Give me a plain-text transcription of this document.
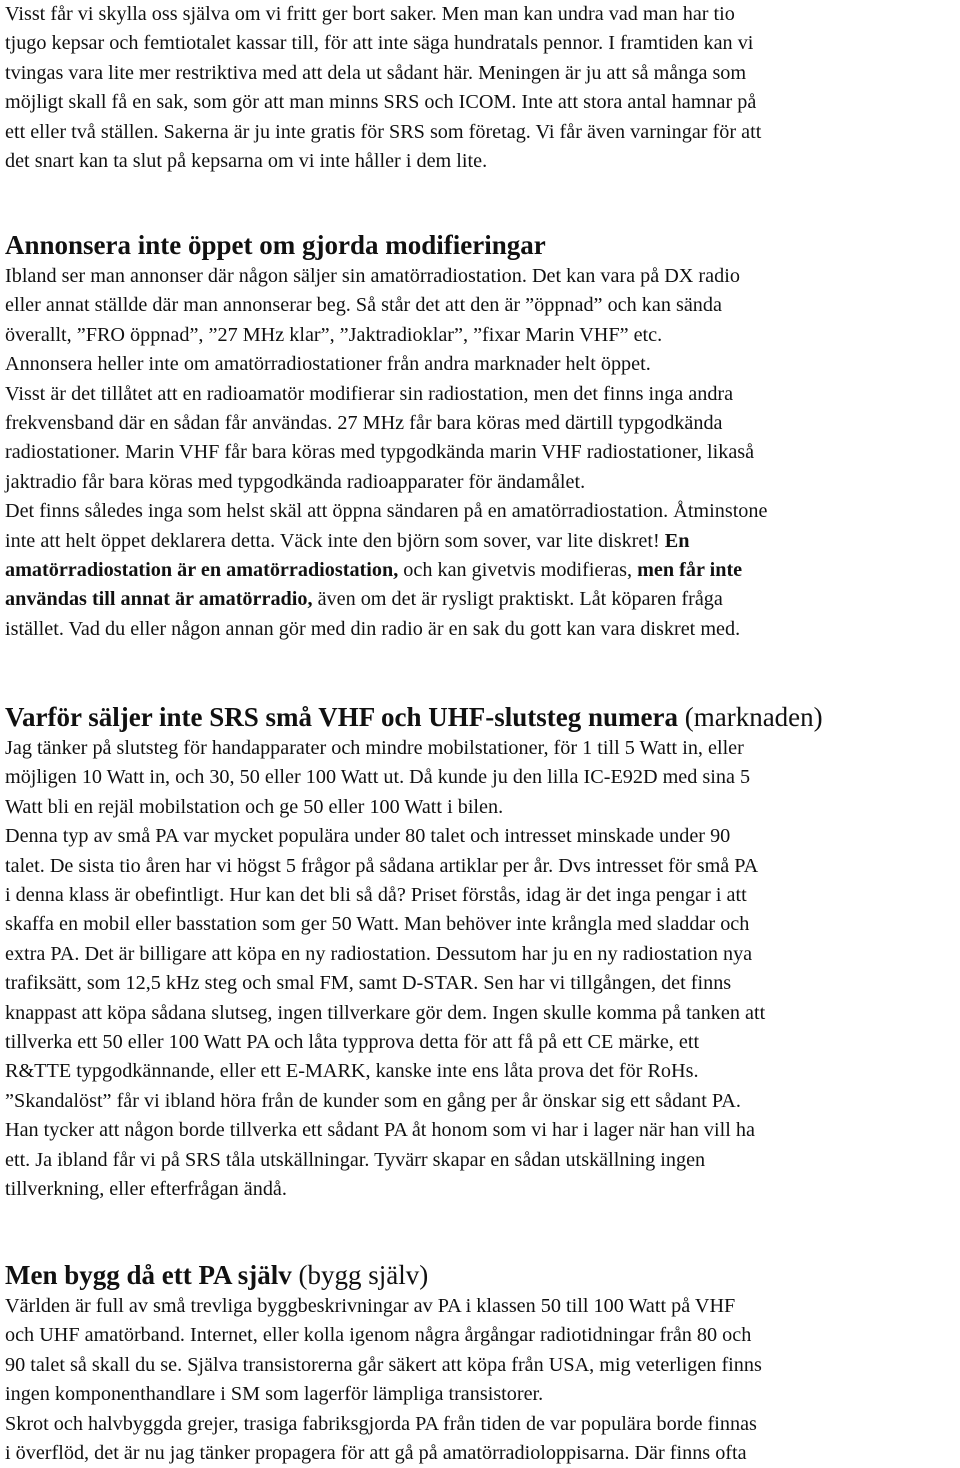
Visst får vi skylla oss själva om vi fritt ger bort saker. Men man kan undra vad man har tio
tjugo kepsar och femtiotalet kassar till, för att inte säga hundratals pennor. I framtiden kan vi
tvingas vara lite mer restriktiva med att dela ut sådant här. Meningen är ju att så många som
möjligt skall få en sak, som gör att man minns SRS och ICOM. Inte att stora antal hamnar på
ett eller två ställen. Sakerna är ju inte gratis för SRS som företag. Vi får även varningar för att
det snart kan ta slut på kepsarna om vi inte håller i dem lite.
Annonsera inte öppet om gjorda modifieringar
Ibland ser man annonser där någon säljer sin amatörradiostation. Det kan vara på DX radio
eller annat ställde där man annonserar beg. Så står det att den är ”öppnad” och kan sända
överallt, ”FRO öppnad”, ”27 MHz klar”, ”Jaktradioklar”, ”fixar Marin VHF” etc.
Annonsera heller inte om amatörradiostationer från andra marknader helt öppet.
Visst är det tillåtet att en radioamatör modifierar sin radiostation, men det finns inga andra
frekvensband där en sådan får användas. 27 MHz får bara köras med därtill typgodkända
radiostationer. Marin VHF får bara köras med typgodkända marin VHF radiostationer, likaså
jaktradio får bara köras med typgodkända radioapparater för ändamålet.
Det finns således inga som helst skäl att öppna sändaren på en amatörradiostation. Åtminstone
inte att helt öppet deklarera detta. Väck inte den björn som sover, var lite diskret! En
amatörradiostation är en amatörradiostation, och kan givetvis modifieras, men får inte
användas till annat är amatörradio, även om det är rysligt praktiskt. Låt köparen fråga
istället. Vad du eller någon annan gör med din radio är en sak du gott kan vara diskret med.
Varför säljer inte SRS små VHF och UHF-slutsteg numera (marknaden)
Jag tänker på slutsteg för handapparater och mindre mobilstationer, för 1 till 5 Watt in, eller
möjligen 10 Watt in, och 30, 50 eller 100 Watt ut. Då kunde ju den lilla IC-E92D med sina 5
Watt bli en rejäl mobilstation och ge 50 eller 100 Watt i bilen.
Denna typ av små PA var mycket populära under 80 talet och intresset minskade under 90
talet. De sista tio åren har vi högst 5 frågor på sådana artiklar per år. Dvs intresset för små PA
i denna klass är obefintligt. Hur kan det bli så då? Priset förstås, idag är det inga pengar i att
skaffa en mobil eller basstation som ger 50 Watt. Man behöver inte krångla med sladdar och
extra PA. Det är billigare att köpa en ny radiostation. Dessutom har ju en ny radiostation nya
trafiksätt, som 12,5 kHz steg och smal FM, samt D-STAR. Sen har vi tillgången, det finns
knappast att köpa sådana slutseg, ingen tillverkare gör dem. Ingen skulle komma på tanken att
tillverka ett 50 eller 100 Watt PA och låta typprova detta för att få på ett CE märke, ett
R&TTE typgodkännande, eller ett E-MARK, kanske inte ens låta prova det för RoHs.
”Skandalöst” får vi ibland höra från de kunder som en gång per år önskar sig ett sådant PA.
Han tycker att någon borde tillverka ett sådant PA åt honom som vi har i lager när han vill ha
ett. Ja ibland får vi på SRS tåla utskällningar. Tyvärr skapar en sådan utskällning ingen
tillverkning, eller efterfrågan ändå.
Men bygg då ett PA själv (bygg själv)
Världen är full av små trevliga byggbeskrivningar av PA i klassen 50 till 100 Watt på VHF
och UHF amatörband. Internet, eller kolla igenom några årgångar radiotidningar från 80 och
90 talet så skall du se. Själva transistorerna går säkert att köpa från USA, mig veterligen finns
ingen komponenthandlare i SM som lagerför lämpliga transistorer.
Skrot och halvbyggda grejer, trasiga fabriksgjorda PA från tiden de var populära borde finnas
i överflöd, det är nu jag tänker propagera för att gå på amatörradioloppisarna. Där finns ofta
